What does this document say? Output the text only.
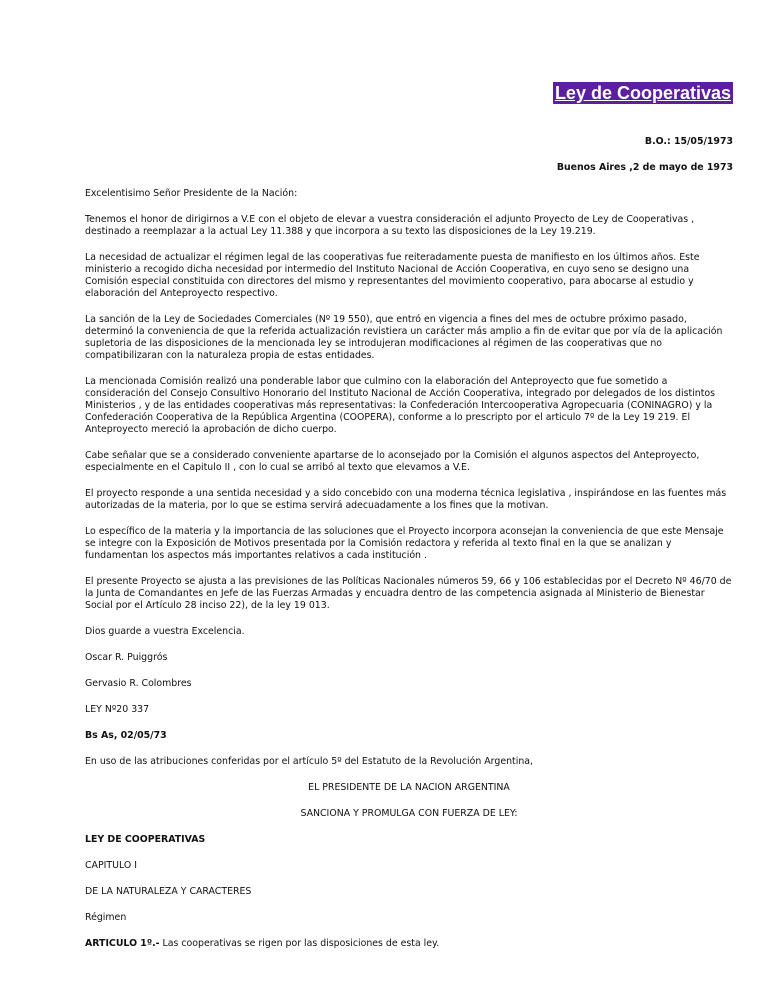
Ley de Cooperativas
B.O.: 15/05/1973
Buenos Aires ,2 de mayo de 1973

Excelentisimo Señor Presidente de la Nación:

Tenemos el honor de dirigirnos a V.E con el objeto de elevar a vuestra consideración el adjunto Proyecto de Ley de Cooperativas , destinado a reemplazar a la actual Ley 11.388 y que incorpora a su texto las disposiciones de la Ley 19.219.

La necesidad de actualizar el régimen legal de las cooperativas fue reiteradamente puesta de manifiesto en los últimos años. Este ministerio a recogido dicha necesidad por intermedio del Instituto Nacional de Acción Cooperativa, en cuyo seno se designo una Comisión especial constituida con directores del mismo y representantes del movimiento cooperativo, para abocarse al estudio y elaboración del Anteproyecto respectivo.

La sanción de la Ley de Sociedades Comerciales (Nº 19 550), que entró en vigencia a fines del mes de octubre próximo pasado, determinó la conveniencia de que la referida actualización revistiera un carácter más amplio a fin de evitar que por vía de la aplicación supletoria de las disposiciones de la mencionada ley se introdujeran modificaciones al régimen de las cooperativas que no compatibilizaran con la naturaleza propia de estas entidades.

La mencionada Comisión realizó una ponderable labor que culmino con la elaboración del Anteproyecto que fue sometido a consideración del Consejo Consultivo Honorario del Instituto Nacional de Acción Cooperativa, integrado por delegados de los distintos Ministerios , y de las entidades cooperativas más representativas: la Confederación Intercooperativa Agropecuaria (CONINAGRO) y la Confederación Cooperativa de la República Argentina (COOPERA), conforme a lo prescripto por el articulo 7º de la Ley 19 219. El Anteproyecto mereció la aprobación de dicho cuerpo.

Cabe señalar que se a considerado conveniente apartarse de lo aconsejado por la Comisión el algunos aspectos del Anteproyecto, especialmente en el Capitulo II , con lo cual se arribó al texto que elevamos a V.E.

El proyecto responde a una sentida necesidad y a sido concebido con una moderna técnica legislativa , inspirándose en las fuentes más autorizadas de la materia, por lo que se estima servirá adecuadamente a los fines que la motivan.

Lo específico de la materia y la importancia de las soluciones que el Proyecto incorpora aconsejan la conveniencia de que este Mensaje se integre con la Exposición de Motivos presentada por la Comisión redactora y referida al texto final en la que se analizan y fundamentan los aspectos más importantes relativos a cada institución .

El presente Proyecto se ajusta a las previsiones de las Políticas Nacionales números 59, 66 y 106 establecidas por el Decreto Nº 46/70 de la Junta de Comandantes en Jefe de las Fuerzas Armadas y encuadra dentro de las competencia asignada al Ministerio de Bienestar Social por el Artículo 28 inciso 22), de la ley 19 013.

Dios guarde a vuestra Excelencia.

Oscar R. Puiggrós

Gervasio R. Colombres

LEY Nº20 337

Bs As, 02/05/73

En uso de las atribuciones conferidas por el artículo 5º del Estatuto de la Revolución Argentina,

EL PRESIDENTE DE LA NACION ARGENTINA

SANCIONA Y PROMULGA CON FUERZA DE LEY:

LEY DE COOPERATIVAS

CAPITULO I

DE LA NATURALEZA Y CARACTERES

Régimen

ARTICULO 1º.- Las cooperativas se rigen por las disposiciones de esta ley.
